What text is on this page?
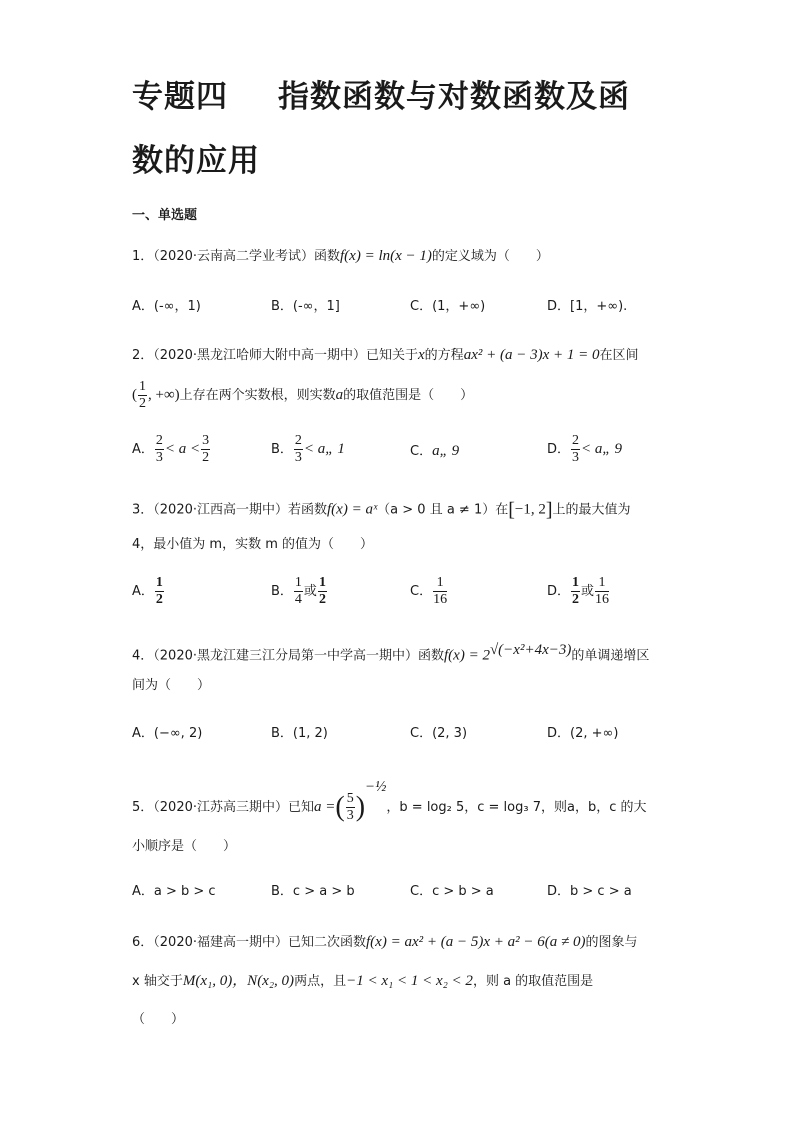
专题四 指数函数与对数函数及函
数的应用
一、单选题
1．（2020·云南高二学业考试）函数f(x) = ln(x − 1)的定义域为（　　）
A．(-∞，1)	B．(-∞，1]	C．(1，+∞)	D．[1，+∞).
2．（2020·黑龙江哈师大附中高一期中）已知关于x的方程ax² + (a − 3)x + 1 = 0在区间
( $\frac{1}{2}$ , +∞)上存在两个实数根，则实数a的取值范围是（　　）
A． $\frac{2}{3} < a < \frac{3}{2}$	B． $\frac{2}{3}$ < a„ 1	C．a„ 9	D． $\frac{2}{3}$ < a„ 9
3．（2020·江西高一期中）若函数f(x) = aˣ（a > 0 且 a ≠ 1）在[−1, 2]上的最大值为
4，最小值为 m，实数 m 的值为（　　）
A． $\frac{1}{2}$	B． $\frac{1}{4}$ 或 $\frac{1}{2}$	C． $\frac{1}{16}$	D． $\frac{1}{2}$ 或 $\frac{1}{16}$
4．（2020·黑龙江建三江分局第一中学高一期中）函数$f(x) = 2^{√(-x^2+4x-3)}$的单调递增区
间为（　　）
A．(−∞, 2)	B．(1, 2)	C．(2, 3)	D．(2, +∞)
5．（2020·江苏高三期中）已知a =( $\frac{5}{3} )^{-\frac{1}{2}}$，b = log₂ 5，c = log₃ 7，则a，b，c 的大
小顺序是（　　）
A．a > b > c	B．c > a > b	C．c > b > a	D．b > c > a
6．（2020·福建高一期中）已知二次函数f(x) = ax² + (a − 5)x + a² − 6(a ≠ 0)的图象与
x 轴交于M(x₁, 0)，N(x₂, 0)两点，且−1 < x₁ < 1 < x₂ < 2，则 a 的取值范围是
（　　）
